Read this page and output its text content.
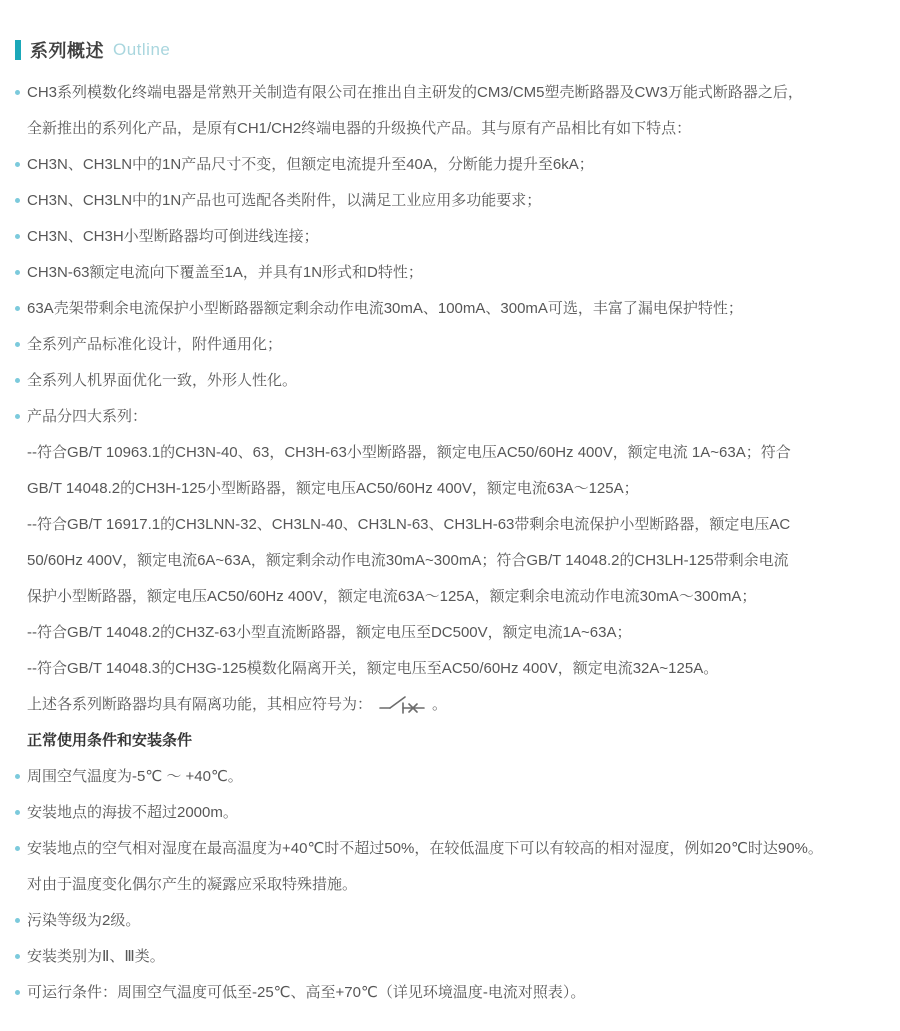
系列概述 Outline
CH3系列模数化终端电器是常熟开关制造有限公司在推出自主研发的CM3/CM5塑壳断路器及CW3万能式断路器之后，
全新推出的系列化产品，是原有CH1/CH2终端电器的升级换代产品。其与原有产品相比有如下特点：
CH3N、CH3LN中的1N产品尺寸不变，但额定电流提升至40A，分断能力提升至6kA；
CH3N、CH3LN中的1N产品也可选配各类附件，以满足工业应用多功能要求；
CH3N、CH3H小型断路器均可倒进线连接；
CH3N-63额定电流向下覆盖至1A，并具有1N形式和D特性；
63A壳架带剩余电流保护小型断路器额定剩余动作电流30mA、100mA、300mA可选，丰富了漏电保护特性；
全系列产品标准化设计，附件通用化；
全系列人机界面优化一致，外形人性化。
产品分四大系列：
--符合GB/T 10963.1的CH3N-40、63，CH3H-63小型断路器，额定电压AC50/60Hz 400V，额定电流 1A~63A；符合
GB/T 14048.2的CH3H-125小型断路器，额定电压AC50/60Hz 400V，额定电流63A～125A；
--符合GB/T 16917.1的CH3LNN-32、CH3LN-40、CH3LN-63、CH3LH-63带剩余电流保护小型断路器，额定电压AC
50/60Hz 400V，额定电流6A~63A，额定剩余动作电流30mA~300mA；符合GB/T 14048.2的CH3LH-125带剩余电流
保护小型断路器，额定电压AC50/60Hz 400V，额定电流63A～125A，额定剩余电流动作电流30mA～300mA；
--符合GB/T 14048.2的CH3Z-63小型直流断路器，额定电压至DC500V，额定电流1A~63A；
--符合GB/T 14048.3的CH3G-125模数化隔离开关，额定电压至AC50/60Hz 400V，额定电流32A~125A。
上述各系列断路器均具有隔离功能，其相应符号为：	。
正常使用条件和安装条件
周围空气温度为-5℃ ～ +40℃。
安装地点的海拔不超过2000m。
安装地点的空气相对湿度在最高温度为+40℃时不超过50%，在较低温度下可以有较高的相对湿度，例如20℃时达90%。
对由于温度变化偶尔产生的凝露应采取特殊措施。
污染等级为2级。
安装类别为Ⅱ、Ⅲ类。
可运行条件：周围空气温度可低至-25℃、高至+70℃（详见环境温度-电流对照表）。
